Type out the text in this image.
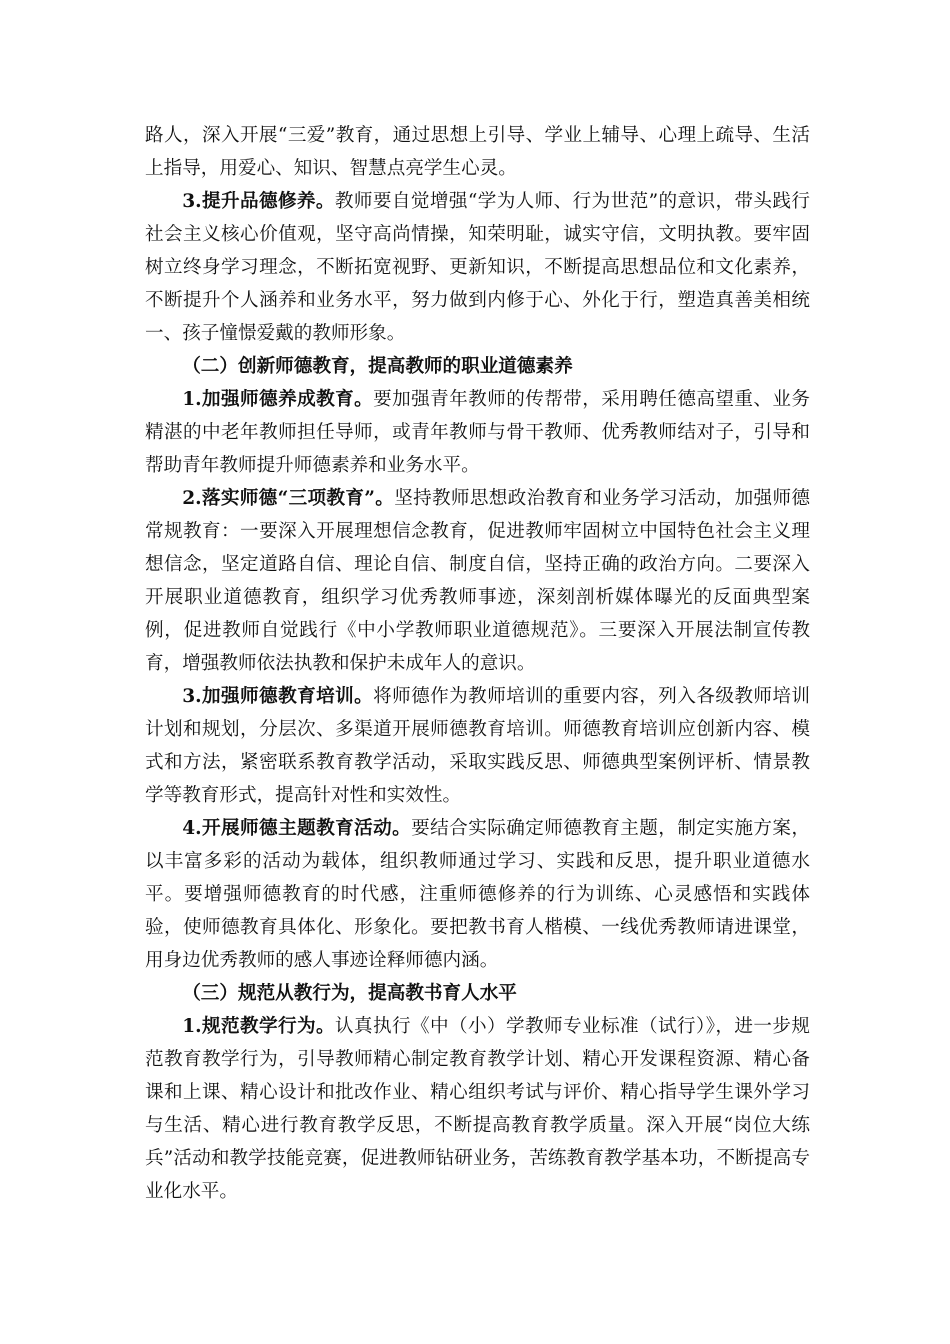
路人，深入开展“三爱”教育，通过思想上引导、学业上辅导、心理上疏导、生活上指导，用爱心、知识、智慧点亮学生心灵。

3.提升品德修养。教师要自觉增强“学为人师、行为世范”的意识，带头践行社会主义核心价值观，坚守高尚情操，知荣明耻，诚实守信，文明执教。要牢固树立终身学习理念，不断拓宽视野、更新知识，不断提高思想品位和文化素养，不断提升个人涵养和业务水平，努力做到内修于心、外化于行，塑造真善美相统一、孩子憧憬爱戴的教师形象。

（二）创新师德教育，提高教师的职业道德素养

1.加强师德养成教育。要加强青年教师的传帮带，采用聘任德高望重、业务精湛的中老年教师担任导师，或青年教师与骨干教师、优秀教师结对子，引导和帮助青年教师提升师德素养和业务水平。

2.落实师德“三项教育”。坚持教师思想政治教育和业务学习活动，加强师德常规教育：一要深入开展理想信念教育，促进教师牢固树立中国特色社会主义理想信念，坚定道路自信、理论自信、制度自信，坚持正确的政治方向。二要深入开展职业道德教育，组织学习优秀教师事迹，深刻剖析媒体曝光的反面典型案例，促进教师自觉践行《中小学教师职业道德规范》。三要深入开展法制宣传教育，增强教师依法执教和保护未成年人的意识。

3.加强师德教育培训。将师德作为教师培训的重要内容，列入各级教师培训计划和规划，分层次、多渠道开展师德教育培训。师德教育培训应创新内容、模式和方法，紧密联系教育教学活动，采取实践反思、师德典型案例评析、情景教学等教育形式，提高针对性和实效性。

4.开展师德主题教育活动。要结合实际确定师德教育主题，制定实施方案，以丰富多彩的活动为载体，组织教师通过学习、实践和反思，提升职业道德水平。要增强师德教育的时代感，注重师德修养的行为训练、心灵感悟和实践体验，使师德教育具体化、形象化。要把教书育人楷模、一线优秀教师请进课堂，用身边优秀教师的感人事迹诠释师德内涵。

（三）规范从教行为，提高教书育人水平

1.规范教学行为。认真执行《中（小）学教师专业标准（试行）》，进一步规范教育教学行为，引导教师精心制定教育教学计划、精心开发课程资源、精心备课和上课、精心设计和批改作业、精心组织考试与评价、精心指导学生课外学习与生活、精心进行教育教学反思，不断提高教育教学质量。深入开展“岗位大练兵”活动和教学技能竞赛，促进教师钻研业务，苦练教育教学基本功，不断提高专业化水平。
